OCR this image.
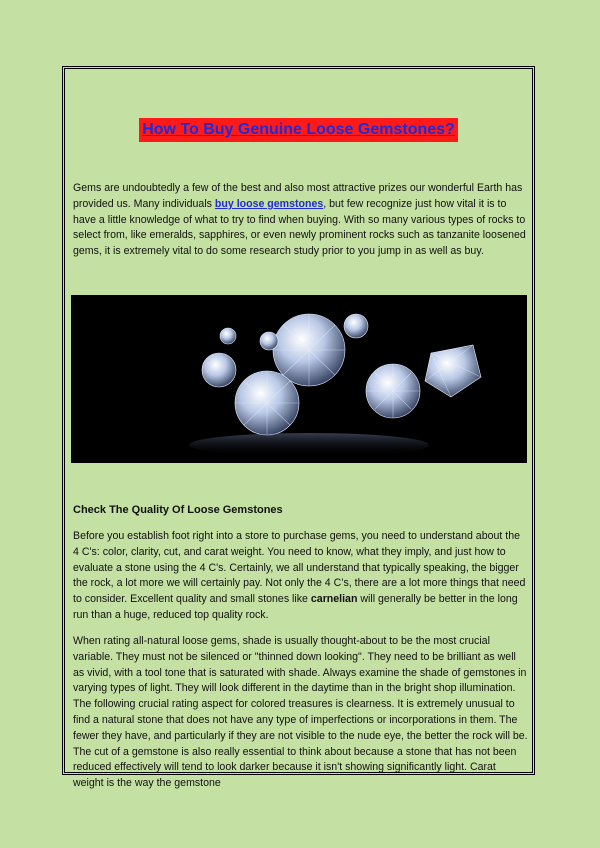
How To Buy Genuine Loose Gemstones?

Gems are undoubtedly a few of the best and also most attractive prizes our wonderful Earth has provided us. Many individuals buy loose gemstones, but few recognize just how vital it is to have a little knowledge of what to try to find when buying. With so many various types of rocks to select from, like emeralds, sapphires, or even newly prominent rocks such as tanzanite loosened gems, it is extremely vital to do some research study prior to you jump in as well as buy.

Check The Quality Of Loose Gemstones

Before you establish foot right into a store to purchase gems, you need to understand about the 4 C's: color, clarity, cut, and carat weight. You need to know, what they imply, and just how to evaluate a stone using the 4 C's. Certainly, we all understand that typically speaking, the bigger the rock, a lot more we will certainly pay. Not only the 4 C’s, there are a lot more things that need to consider. Excellent quality and small stones like carnelian will generally be better in the long run than a huge, reduced top quality rock.

When rating all-natural loose gems, shade is usually thought-about to be the most crucial variable. They must not be silenced or "thinned down looking". They need to be brilliant as well as vivid, with a tool tone that is saturated with shade. Always examine the shade of gemstones in varying types of light. They will look different in the daytime than in the bright shop illumination. The following crucial rating aspect for colored treasures is clearness. It is extremely unusual to find a natural stone that does not have any type of imperfections or incorporations in them. The fewer they have, and particularly if they are not visible to the nude eye, the better the rock will be. The cut of a gemstone is also really essential to think about because a stone that has not been reduced effectively will tend to look darker because it isn't showing significantly light. Carat weight is the way the gemstone
